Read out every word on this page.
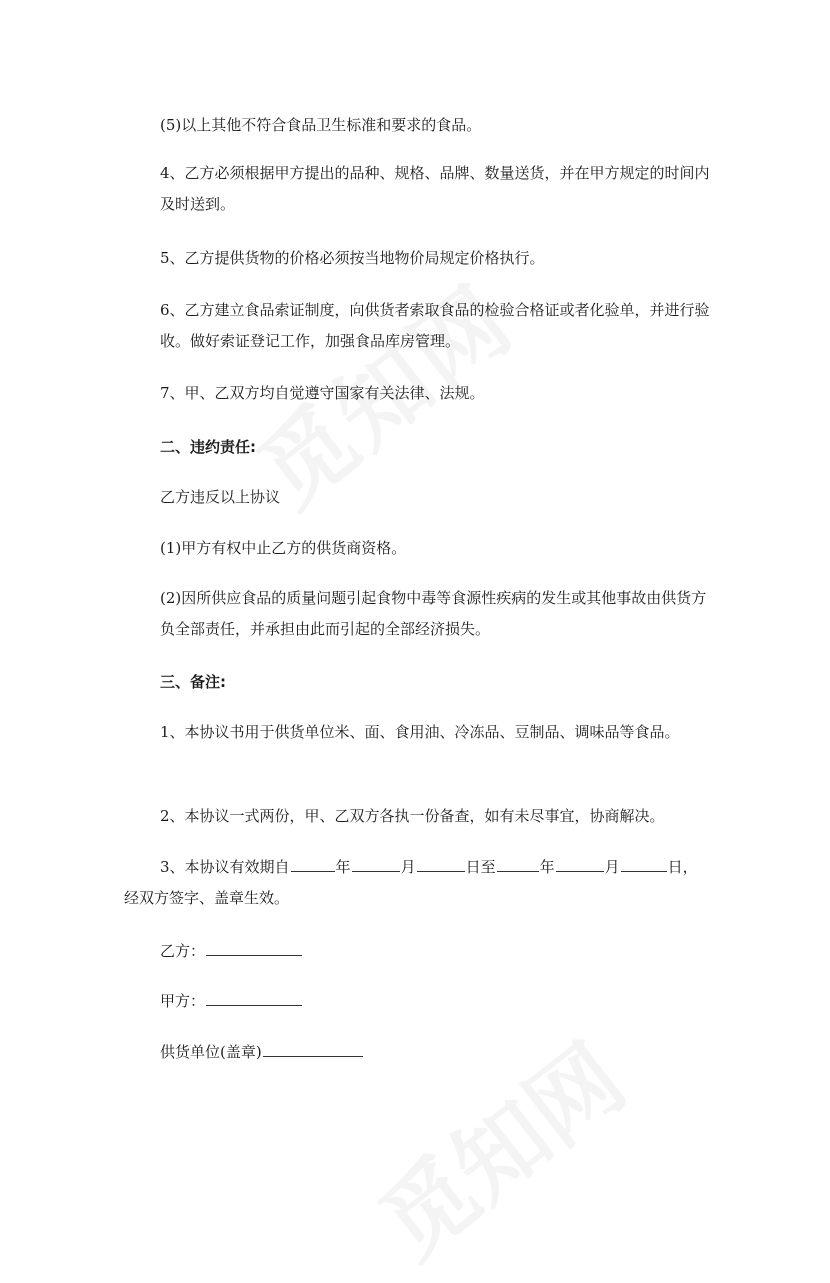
(5)以上其他不符合食品卫生标准和要求的食品。

4、乙方必须根据甲方提出的品种、规格、品牌、数量送货，并在甲方规定的时间内及时送到。

5、乙方提供货物的价格必须按当地物价局规定价格执行。

6、乙方建立食品索证制度，向供货者索取食品的检验合格证或者化验单，并进行验收。做好索证登记工作，加强食品库房管理。

7、甲、乙双方均自觉遵守国家有关法律、法规。

二、违约责任:

乙方违反以上协议

(1)甲方有权中止乙方的供货商资格。

(2)因所供应食品的质量问题引起食物中毒等食源性疾病的发生或其他事故由供货方负全部责任，并承担由此而引起的全部经济损失。

三、备注:

1、本协议书用于供货单位米、面、食用油、冷冻品、豆制品、调味品等食品。

2、本协议一式两份，甲、乙双方各执一份备查，如有未尽事宜，协商解决。

3、本协议有效期自	年	月	日至	年	月	日，

经双方签字、盖章生效。

乙方：

甲方：

供货单位(盖章)
